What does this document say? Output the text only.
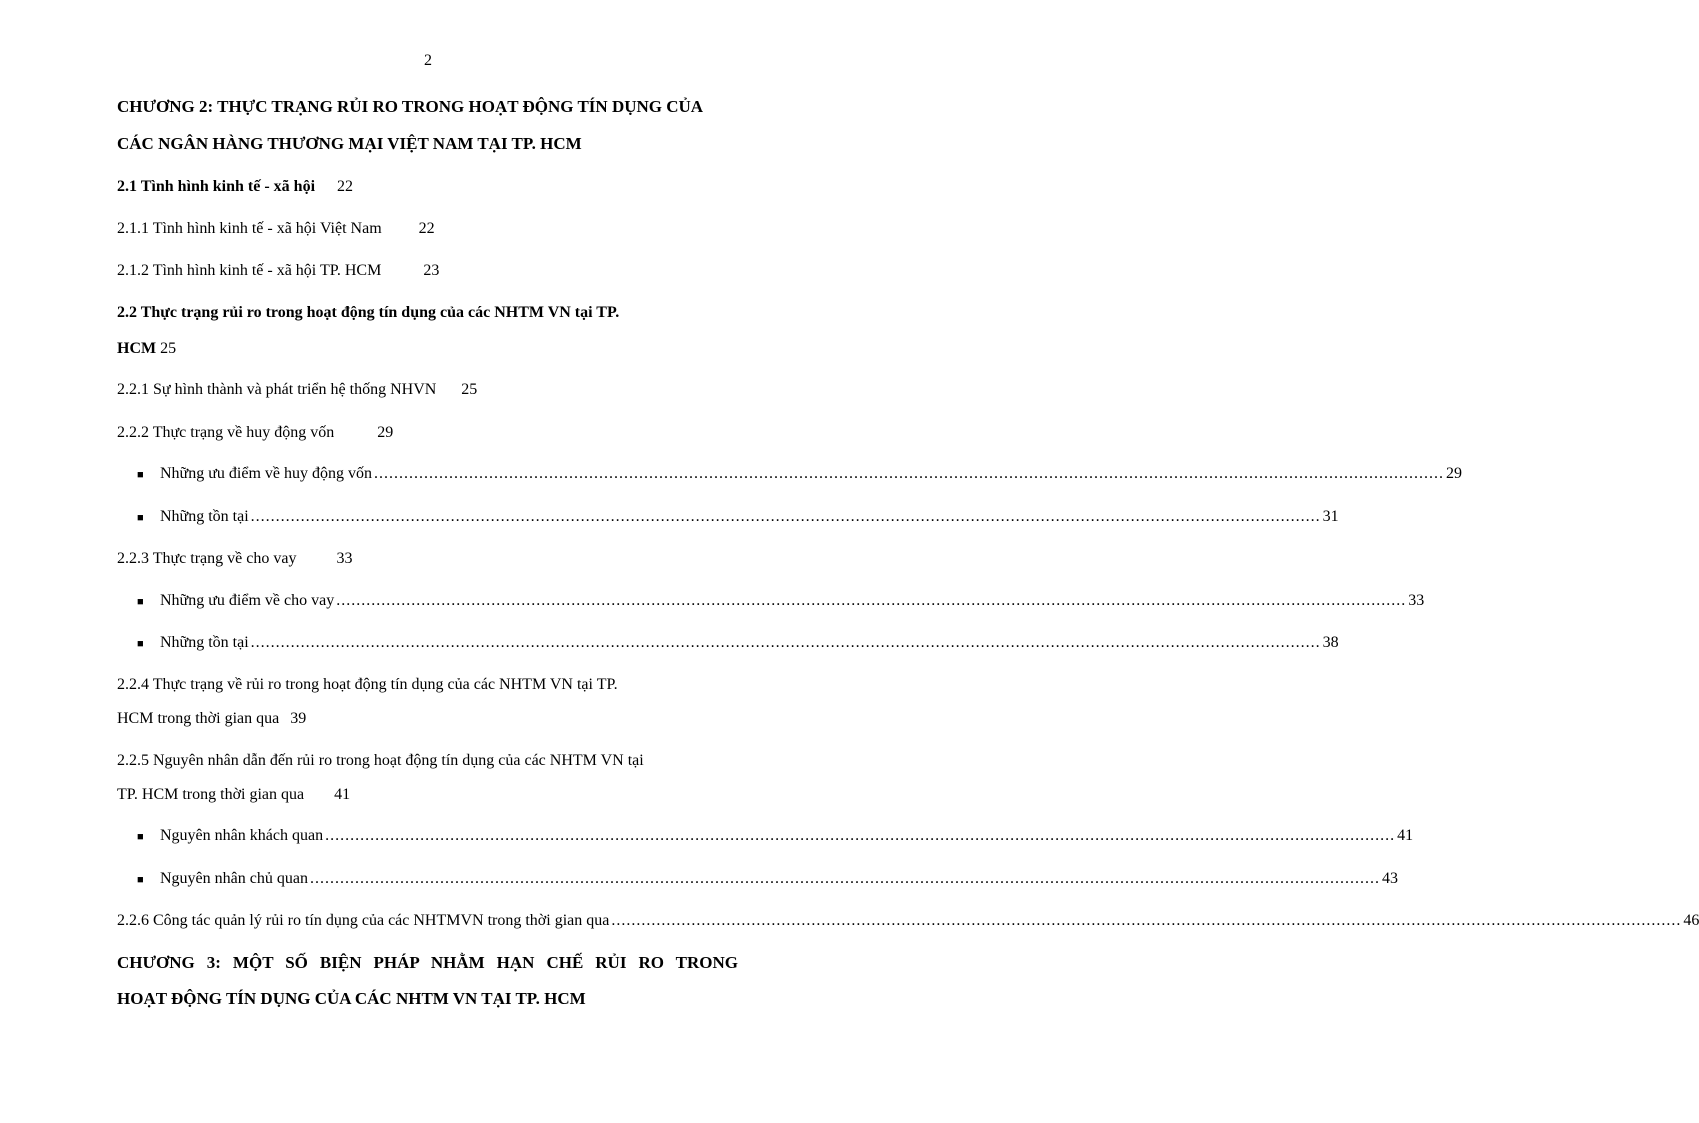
2
CHƯƠNG 2: THỰC TRẠNG RỦI RO TRONG HOẠT ĐỘNG TÍN DỤNG CỦA
CÁC NGÂN HÀNG THƯƠNG MẠI VIỆT NAM TẠI TP. HCM
2.1 Tình hình kinh tế - xã hội 22
2.1.1 Tình hình kinh tế - xã hội Việt Nam 22
2.1.2 Tình hình kinh tế - xã hội TP. HCM	23
2.2 Thực trạng rủi ro trong hoạt động tín dụng của các NHTM VN tại TP.
HCM 25
2.2.1 Sự hình thành và phát triển hệ thống NHVN 25
2.2.2 Thực trạng về huy động vốn	29
■	Những ưu điểm về huy động vốn ...................................................................................................................................................................................................................... 29
■	Những tồn tại ...................................................................................................................................................................................................................... 31
2.2.3 Thực trạng về cho vay	33
■	Những ưu điểm về cho vay ...................................................................................................................................................................................................................... 33
■	Những tồn tại ...................................................................................................................................................................................................................... 38
2.2.4 Thực trạng về rủi ro trong hoạt động tín dụng của các NHTM VN tại TP.
HCM trong thời gian qua 39
2.2.5 Nguyên nhân dẫn đến rủi ro trong hoạt động tín dụng của các NHTM VN tại
TP. HCM trong thời gian qua 41
■	Nguyên nhân khách quan ...................................................................................................................................................................................................................... 41
■	Nguyên nhân chủ quan ...................................................................................................................................................................................................................... 43
2.2.6 Công tác quản lý rủi ro tín dụng của các NHTMVN trong thời gian qua ...................................................................................................................................................................................................................... 46
CHƯƠNG 3: MỘT SỐ BIỆN PHÁP NHẰM HẠN CHẾ RỦI RO TRONG
HOẠT ĐỘNG TÍN DỤNG CỦA CÁC NHTM VN TẠI TP. HCM
